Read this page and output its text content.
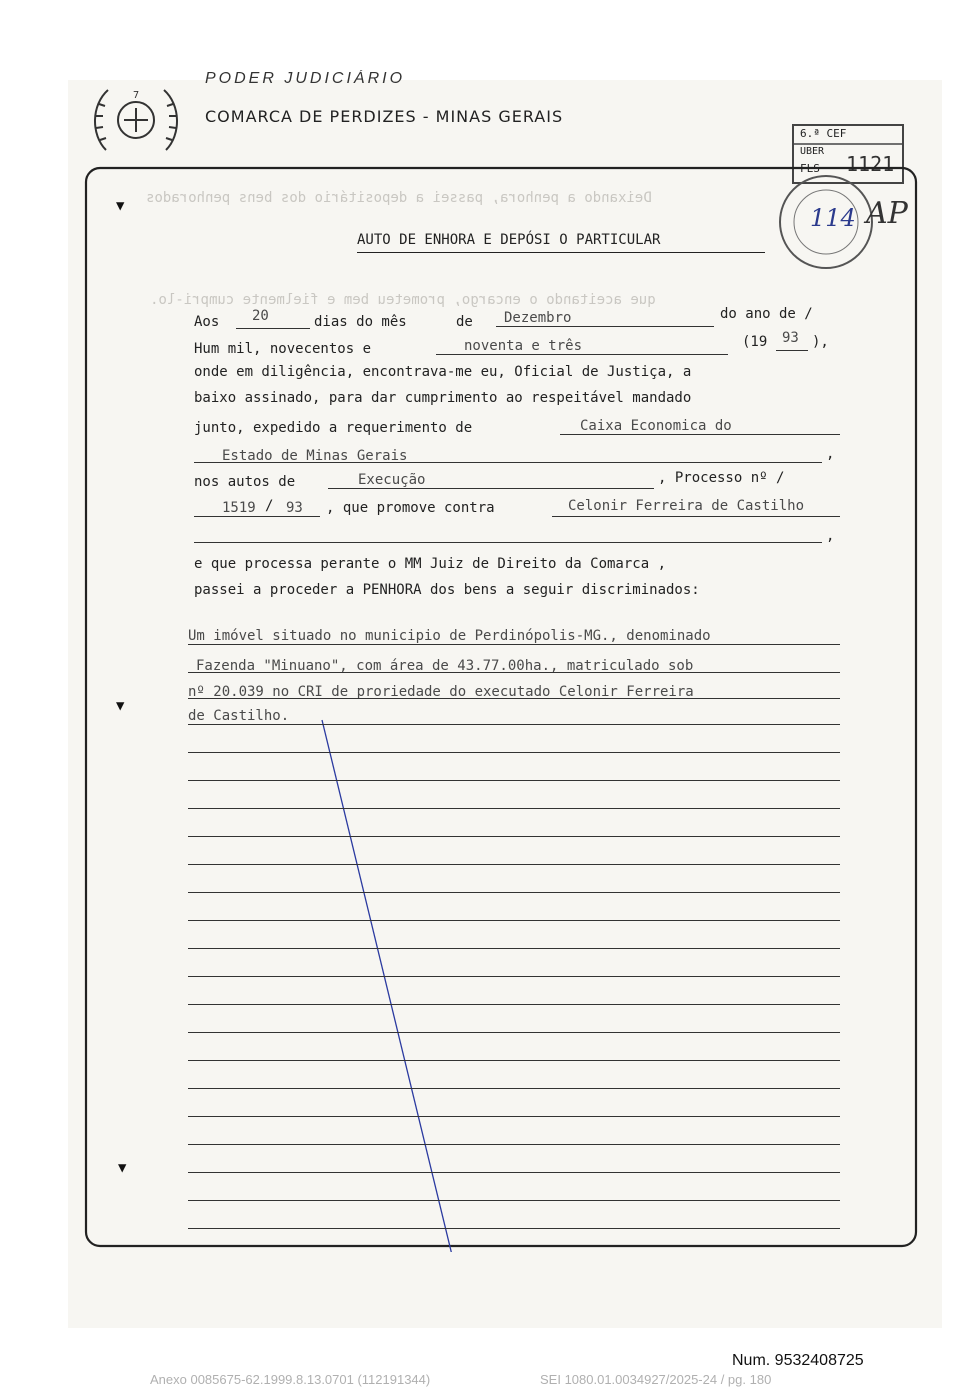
Deixando a penhora, passei a depositário dos bens penhorados
que aceitando o encargo, prometeu bem e fielmente cumpri-lo.
7
PODER JUDICIÁRIO
COMARCA DE PERDIZES - MINAS GERAIS
6.ª CEF
UBER
FLS 1121
114 AP
▼
▼
▼
AUTO DE ENHORA E DEPÓSI O PARTICULAR
Aos 20	dias do mês	de Dezembro	do ano de /
Hum mil, novecentos e	noventa e três	(19 93 ),
onde em diligência, encontrava-me eu, Oficial de Justiça, a
baixo assinado, para dar cumprimento ao respeitável mandado
junto, expedido a requerimento de	Caixa Economica do
Estado de Minas Gerais	,
nos autos de	Execução	, Processo nº /
1519 / 93 , que promove contra	Celonir Ferreira de Castilho
,
e que processa perante o MM Juiz de Direito da Comarca ,
passei a proceder a PENHORA dos bens a seguir discriminados:
Um imóvel situado no municipio de Perdinópolis-MG., denominado
Fazenda "Minuano", com área de 43.77.00ha., matriculado sob
nº 20.039 no CRI de proriedade do executado Celonir Ferreira
de Castilho.
Num. 9532408725
Anexo 0085675-62.1999.8.13.0701 (112191344)	SEI 1080.01.0034927/2025-24 / pg. 180
